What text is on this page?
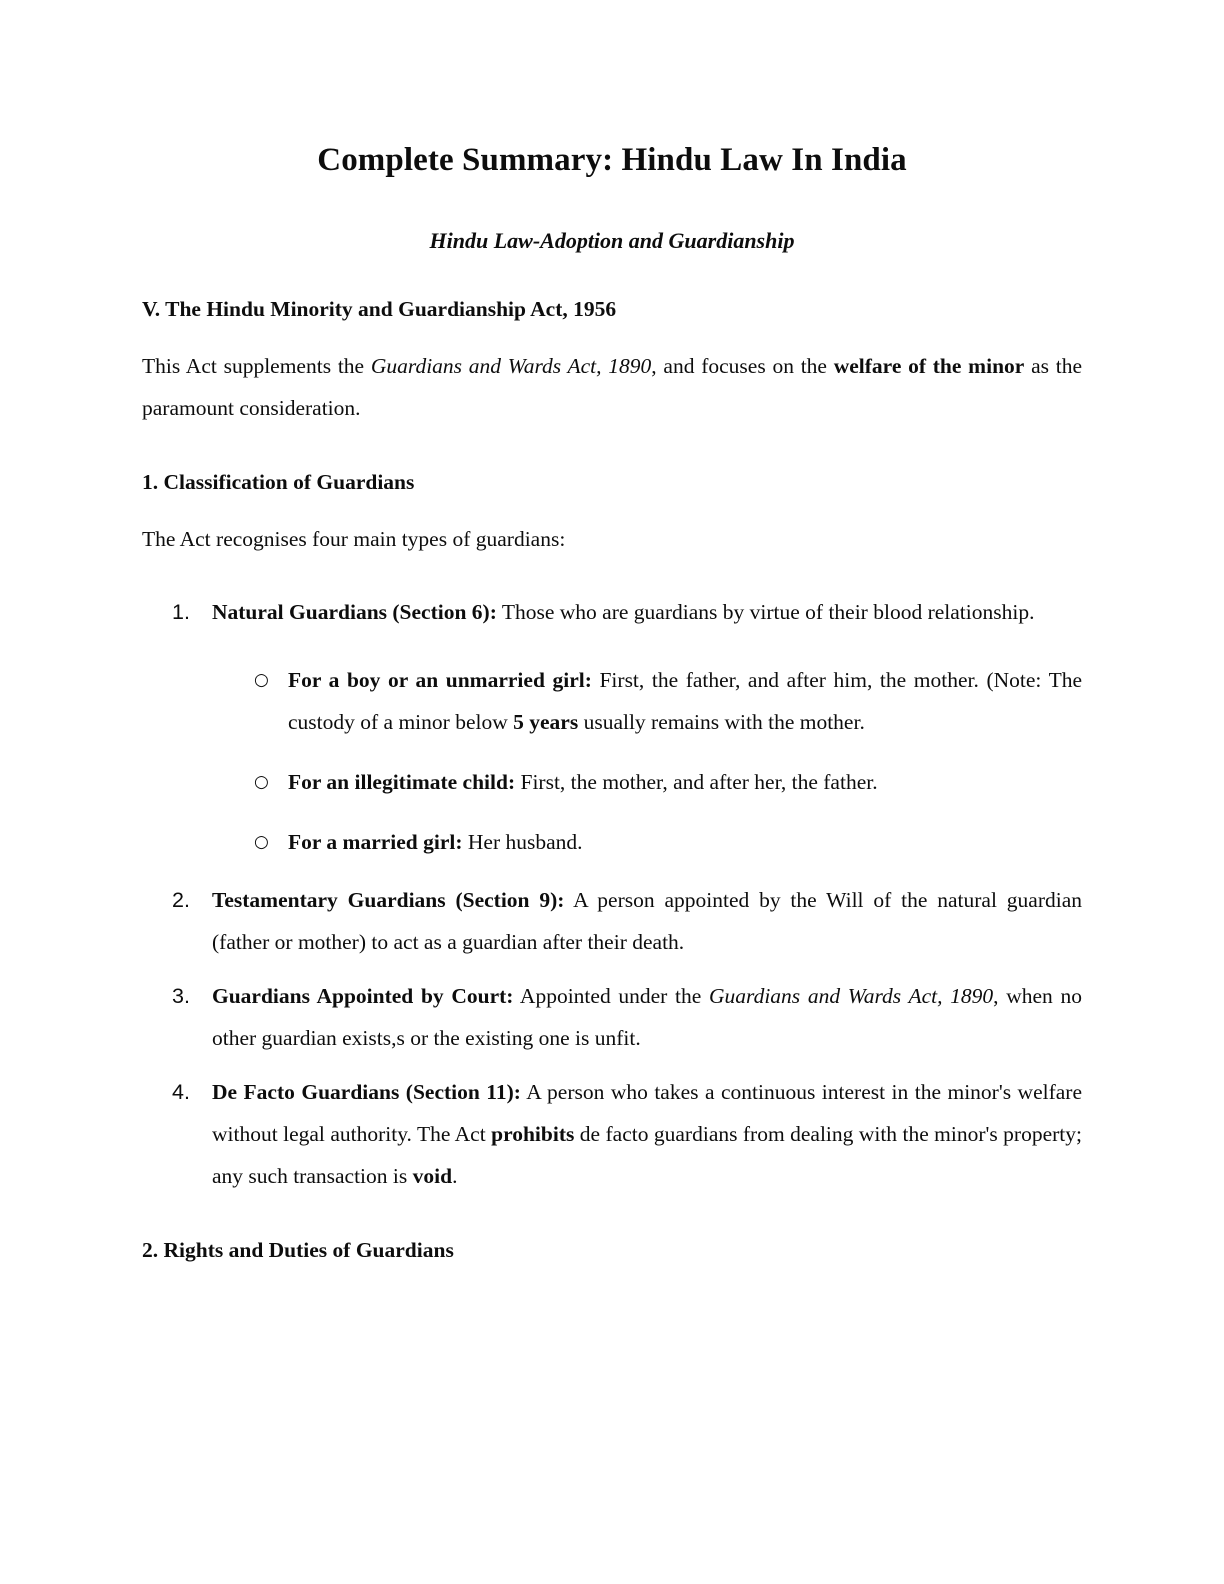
Complete Summary: Hindu Law In India
Hindu Law-Adoption and Guardianship
V. The Hindu Minority and Guardianship Act, 1956

This Act supplements the Guardians and Wards Act, 1890, and focuses on the welfare of the minor as the paramount consideration.

1. Classification of Guardians

The Act recognises four main types of guardians:

1.	Natural Guardians (Section 6): Those who are guardians by virtue of their blood relationship.
○ For a boy or an unmarried girl: First, the father, and after him, the mother. (Note: The custody of a minor below 5 years usually remains with the mother.
○ For an illegitimate child: First, the mother, and after her, the father.
○ For a married girl: Her husband.
2.	Testamentary Guardians (Section 9): A person appointed by the Will of the natural guardian (father or mother) to act as a guardian after their death.
3.	Guardians Appointed by Court: Appointed under the Guardians and Wards Act, 1890, when no other guardian exists,s or the existing one is unfit.
4.	De Facto Guardians (Section 11): A person who takes a continuous interest in the minor's welfare without legal authority. The Act prohibits de facto guardians from dealing with the minor's property; any such transaction is void.
2. Rights and Duties of Guardians
